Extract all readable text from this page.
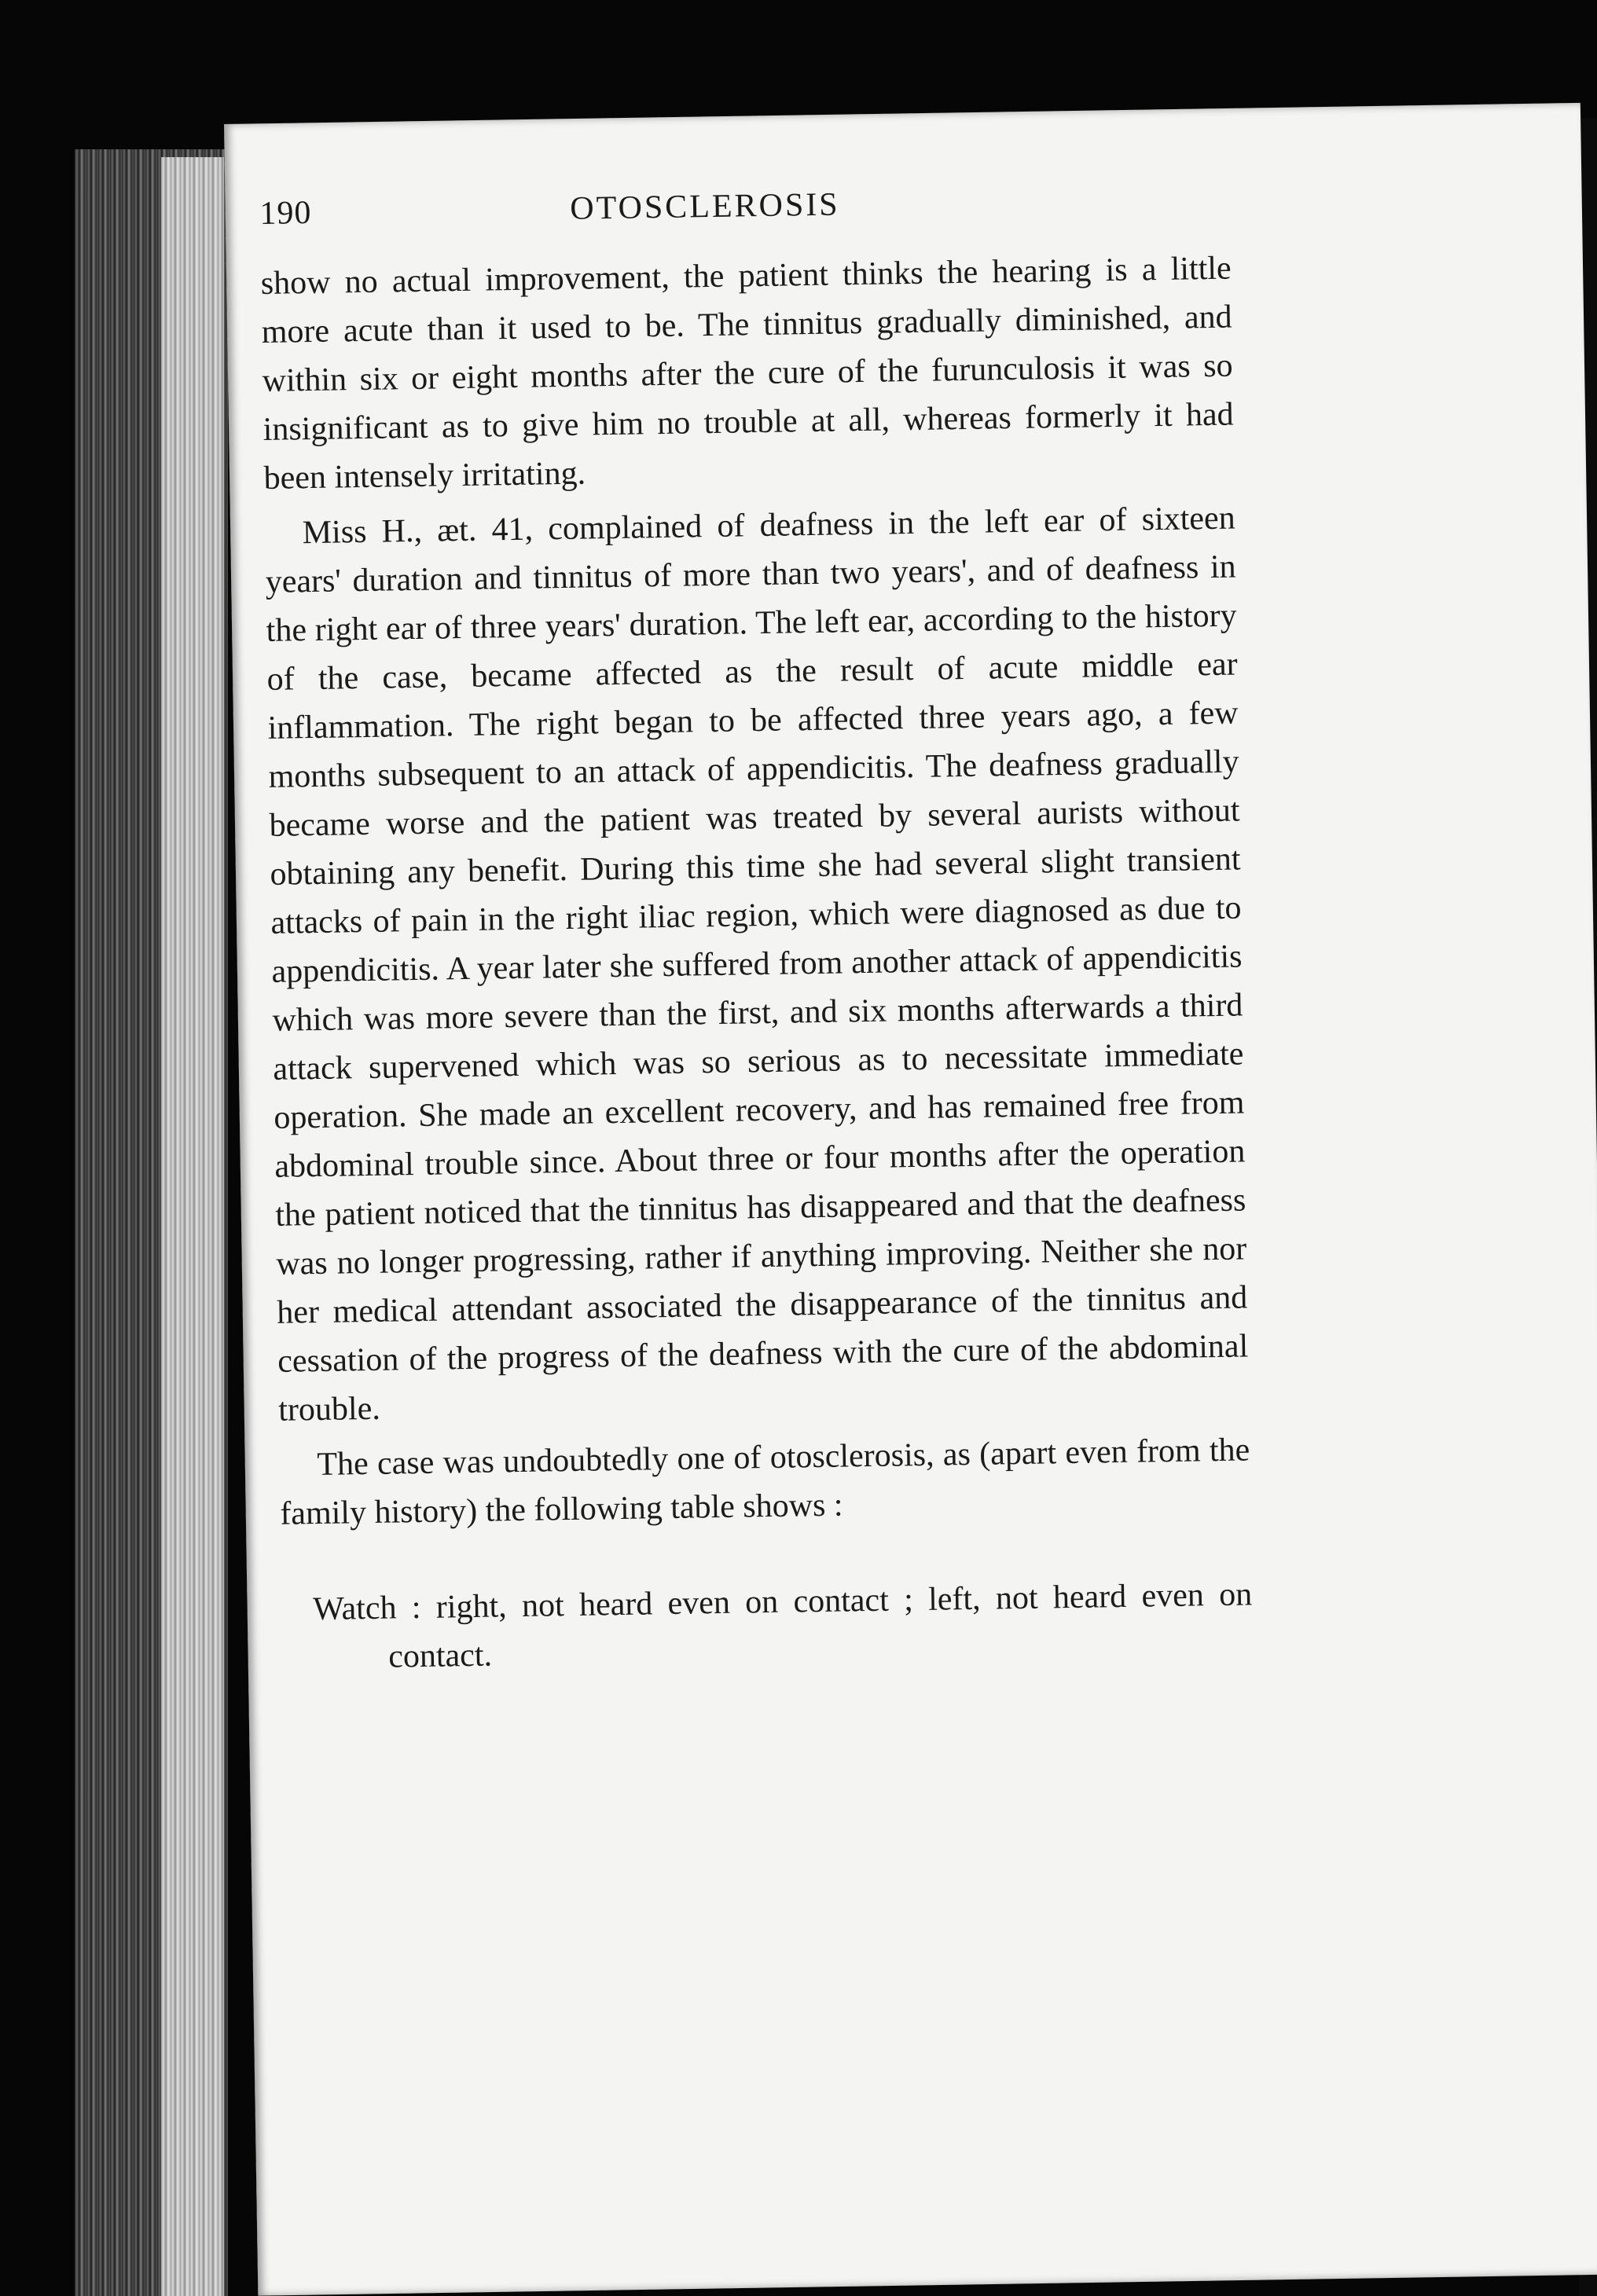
190	OTOSCLEROSIS

show no actual improvement, the patient thinks the hearing is a little more acute than it used to be. The tinnitus gradually diminished, and within six or eight months after the cure of the furunculosis it was so insignificant as to give him no trouble at all, whereas formerly it had been intensely irritating.

Miss H., æt. 41, complained of deafness in the left ear of sixteen years' duration and tinnitus of more than two years', and of deafness in the right ear of three years' duration. The left ear, according to the history of the case, became affected as the result of acute middle ear inflammation. The right began to be affected three years ago, a few months subsequent to an attack of appendicitis. The deafness gradually became worse and the patient was treated by several aurists without obtaining any benefit. During this time she had several slight transient attacks of pain in the right iliac region, which were diagnosed as due to appendicitis. A year later she suffered from another attack of appendicitis which was more severe than the first, and six months afterwards a third attack supervened which was so serious as to necessitate immediate operation. She made an excellent recovery, and has remained free from abdominal trouble since. About three or four months after the operation the patient noticed that the tinnitus has disappeared and that the deafness was no longer progressing, rather if anything improving. Neither she nor her medical attendant associated the disappearance of the tinnitus and cessation of the progress of the deafness with the cure of the abdominal trouble.

The case was undoubtedly one of otosclerosis, as (apart even from the family history) the following table shows :

Watch : right, not heard even on contact ; left, not heard even on contact.
